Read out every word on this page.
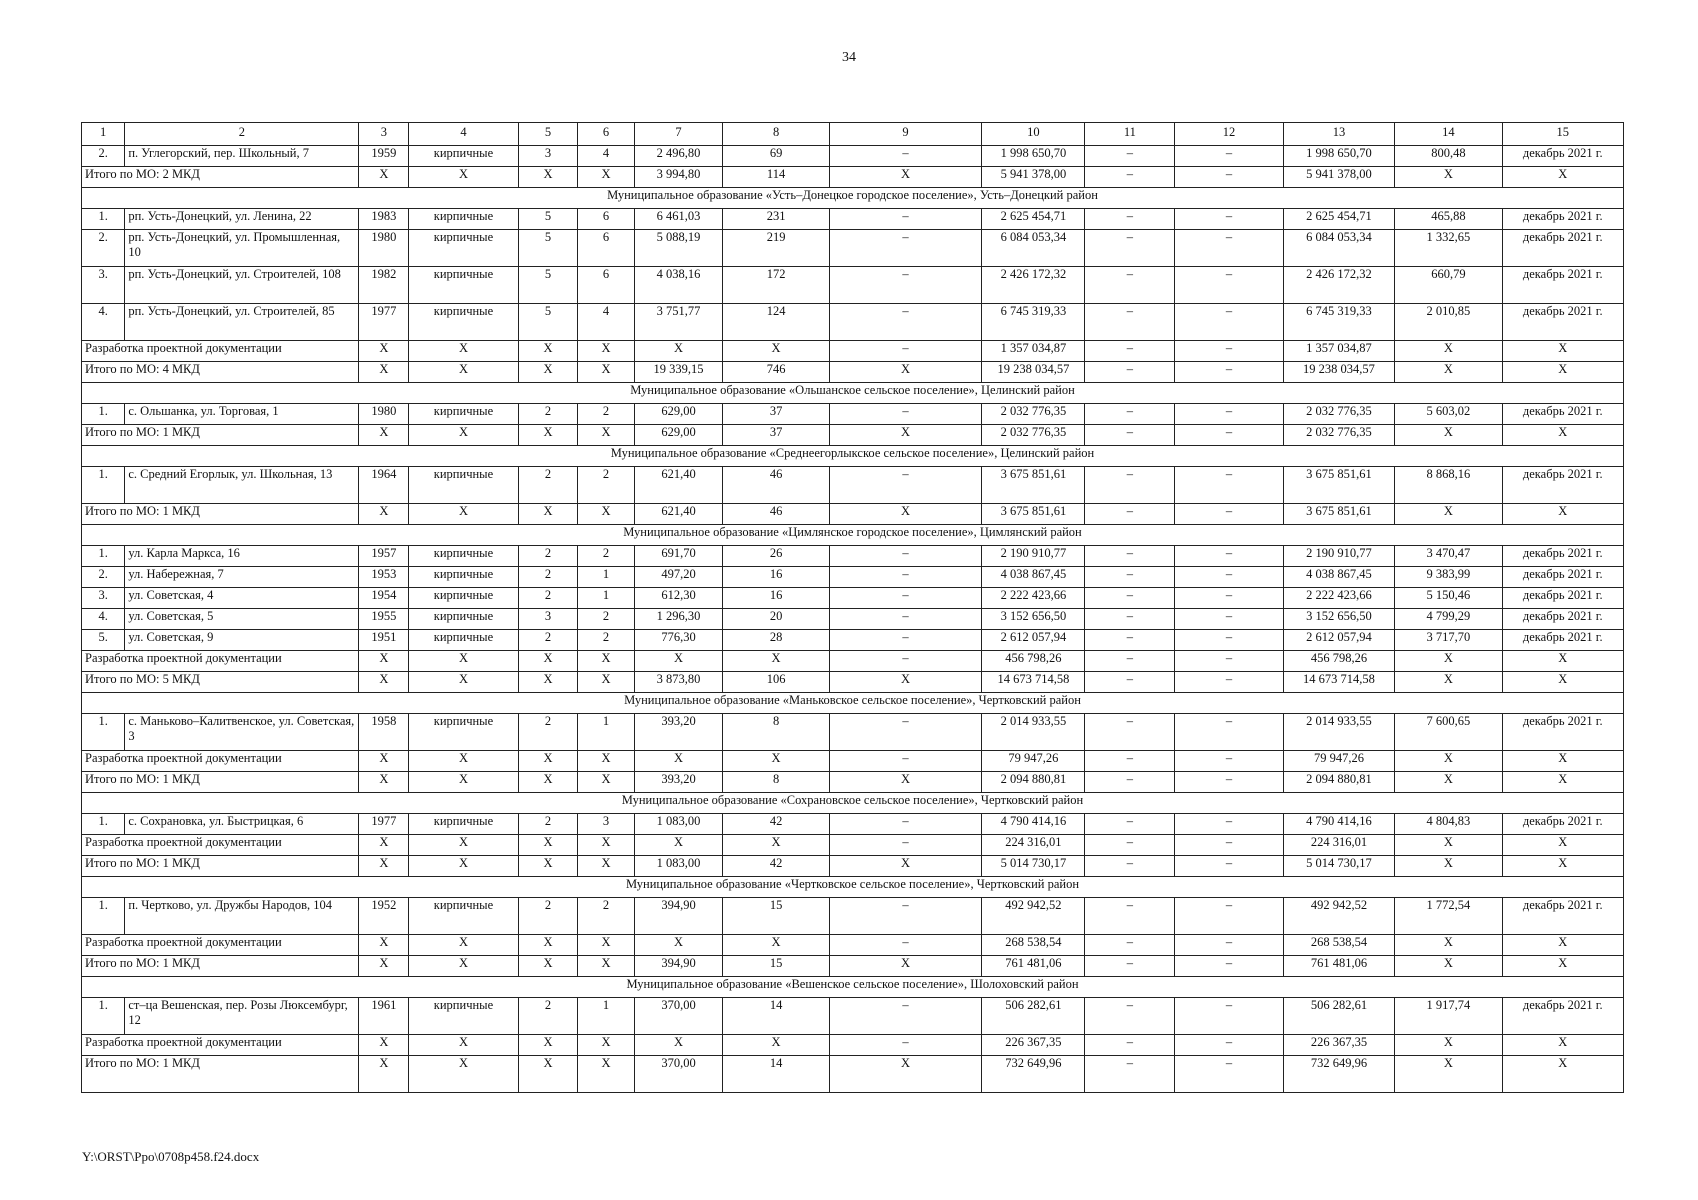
34
1	2	3	4	5	6	7	8	9	10	11	12	13	14	15
2.	п. Углегорский, пер. Школьный, 7	1959	кирпичные	3	4	2 496,80	69	–	1 998 650,70	–	–	1 998 650,70	800,48	декабрь 2021 г.
Итого по МО: 2 МКД		X	X	X	X	3 994,80	114	X	5 941 378,00	–	–	5 941 378,00	X	X
Муниципальное образование «Усть–Донецкое городское поселение», Усть–Донецкий район														
1.	рп. Усть-Донецкий, ул. Ленина, 22	1983	кирпичные	5	6	6 461,03	231	–	2 625 454,71	–	–	2 625 454,71	465,88	декабрь 2021 г.
2.	рп. Усть-Донецкий, ул. Промышленная, 10	1980	кирпичные	5	6	5 088,19	219	–	6 084 053,34	–	–	6 084 053,34	1 332,65	декабрь 2021 г.
3.	рп. Усть-Донецкий, ул. Строителей, 108	1982	кирпичные	5	6	4 038,16	172	–	2 426 172,32	–	–	2 426 172,32	660,79	декабрь 2021 г.
4.	рп. Усть-Донецкий, ул. Строителей, 85	1977	кирпичные	5	4	3 751,77	124	–	6 745 319,33	–	–	6 745 319,33	2 010,85	декабрь 2021 г.
Разработка проектной документации		X	X	X	X	X	X	–	1 357 034,87	–	–	1 357 034,87	X	X
Итого по МО: 4 МКД		X	X	X	X	19 339,15	746	X	19 238 034,57	–	–	19 238 034,57	X	X
Муниципальное образование «Ольшанское сельское поселение», Целинский район														
1.	с. Ольшанка, ул. Торговая, 1	1980	кирпичные	2	2	629,00	37	–	2 032 776,35	–	–	2 032 776,35	5 603,02	декабрь 2021 г.
Итого по МО: 1 МКД		X	X	X	X	629,00	37	X	2 032 776,35	–	–	2 032 776,35	X	X
Муниципальное образование «Среднеегорлыкское сельское поселение», Целинский район														
1.	с. Средний Егорлык, ул. Школьная, 13	1964	кирпичные	2	2	621,40	46	–	3 675 851,61	–	–	3 675 851,61	8 868,16	декабрь 2021 г.
Итого по МО: 1 МКД		X	X	X	X	621,40	46	X	3 675 851,61	–	–	3 675 851,61	X	X
Муниципальное образование «Цимлянское городское поселение», Цимлянский район														
1.	ул. Карла Маркса, 16	1957	кирпичные	2	2	691,70	26	–	2 190 910,77	–	–	2 190 910,77	3 470,47	декабрь 2021 г.
2.	ул. Набережная, 7	1953	кирпичные	2	1	497,20	16	–	4 038 867,45	–	–	4 038 867,45	9 383,99	декабрь 2021 г.
3.	ул. Советская, 4	1954	кирпичные	2	1	612,30	16	–	2 222 423,66	–	–	2 222 423,66	5 150,46	декабрь 2021 г.
4.	ул. Советская, 5	1955	кирпичные	3	2	1 296,30	20	–	3 152 656,50	–	–	3 152 656,50	4 799,29	декабрь 2021 г.
5.	ул. Советская, 9	1951	кирпичные	2	2	776,30	28	–	2 612 057,94	–	–	2 612 057,94	3 717,70	декабрь 2021 г.
Разработка проектной документации		X	X	X	X	X	X	–	456 798,26	–	–	456 798,26	X	X
Итого по МО: 5 МКД		X	X	X	X	3 873,80	106	X	14 673 714,58	–	–	14 673 714,58	X	X
Муниципальное образование «Маньковское сельское поселение», Чертковский район														
1.	с. Маньково–Калитвенское, ул. Советская, 3	1958	кирпичные	2	1	393,20	8	–	2 014 933,55	–	–	2 014 933,55	7 600,65	декабрь 2021 г.
Разработка проектной документации		X	X	X	X	X	X	–	79 947,26	–	–	79 947,26	X	X
Итого по МО: 1 МКД		X	X	X	X	393,20	8	X	2 094 880,81	–	–	2 094 880,81	X	X
Муниципальное образование «Сохрановское сельское поселение», Чертковский район														
1.	с. Сохрановка, ул. Быстрицкая, 6	1977	кирпичные	2	3	1 083,00	42	–	4 790 414,16	–	–	4 790 414,16	4 804,83	декабрь 2021 г.
Разработка проектной документации		X	X	X	X	X	X	–	224 316,01	–	–	224 316,01	X	X
Итого по МО: 1 МКД		X	X	X	X	1 083,00	42	X	5 014 730,17	–	–	5 014 730,17	X	X
Муниципальное образование «Чертковское сельское поселение», Чертковский район														
1.	п. Чертково, ул. Дружбы Народов, 104	1952	кирпичные	2	2	394,90	15	–	492 942,52	–	–	492 942,52	1 772,54	декабрь 2021 г.
Разработка проектной документации		X	X	X	X	X	X	–	268 538,54	–	–	268 538,54	X	X
Итого по МО: 1 МКД		X	X	X	X	394,90	15	X	761 481,06	–	–	761 481,06	X	X
Муниципальное образование «Вешенское сельское поселение», Шолоховский район														
1.	ст–ца Вешенская, пер. Розы Люксембург, 12	1961	кирпичные	2	1	370,00	14	–	506 282,61	–	–	506 282,61	1 917,74	декабрь 2021 г.
Разработка проектной документации		X	X	X	X	X	X	–	226 367,35	–	–	226 367,35	X	X
Итого по МО: 1 МКД		X	X	X	X	370,00	14	X	732 649,96	–	–	732 649,96	X	X
Y:\ORST\Ppo\0708p458.f24.docx
